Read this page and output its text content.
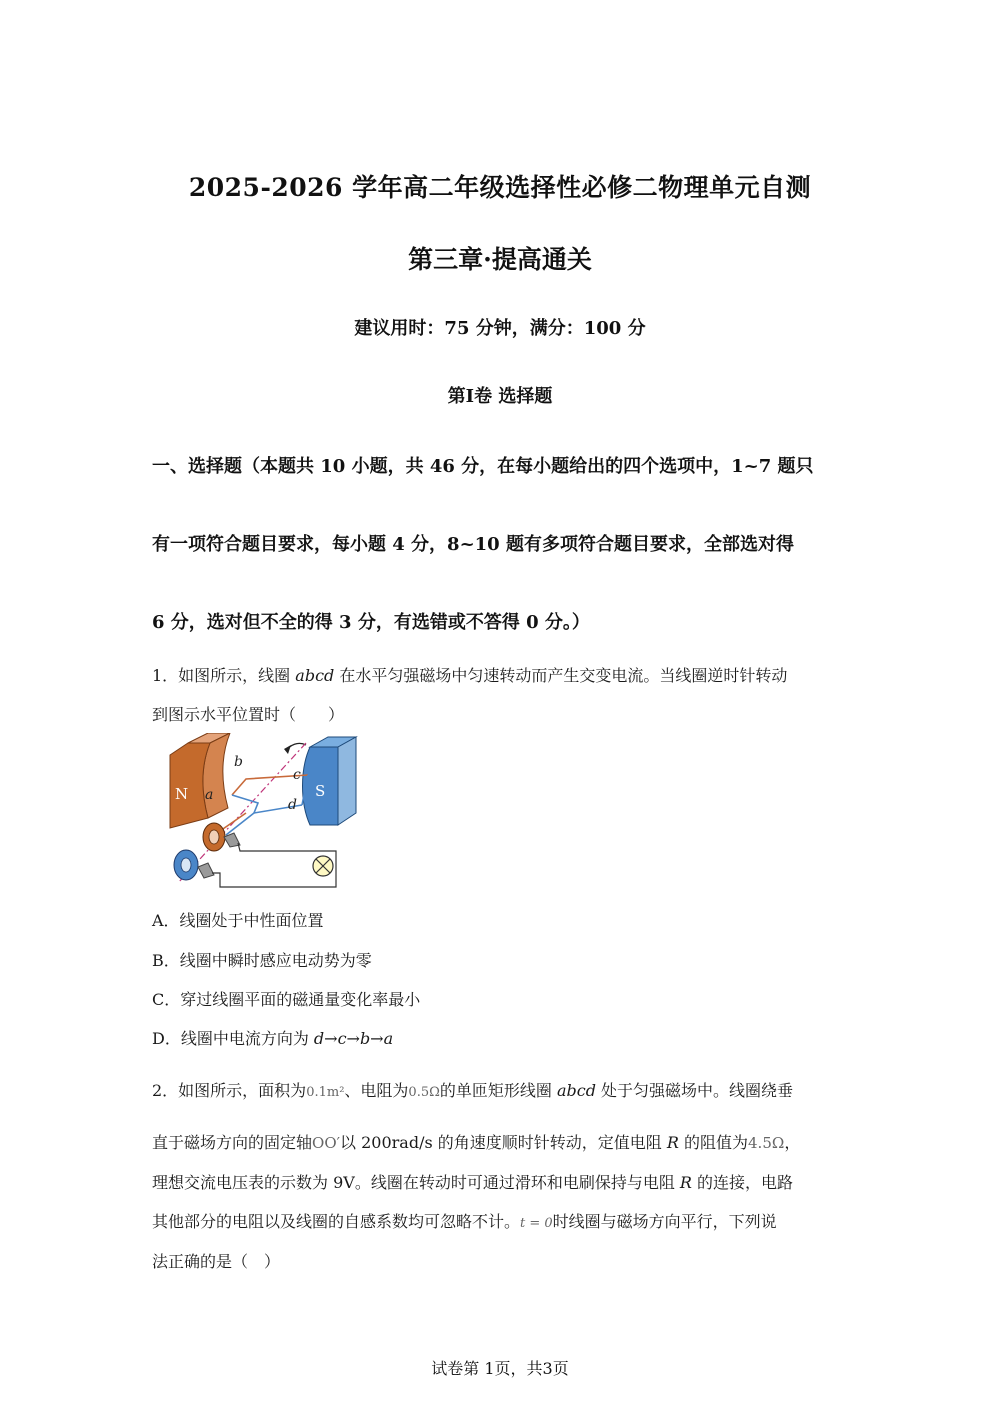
2025-2026 学年高二年级选择性必修二物理单元自测
第三章·提高通关
建议用时：75 分钟，满分：100 分
第Ⅰ卷 选择题
一、选择题（本题共 10 小题，共 46 分，在每小题给出的四个选项中，1~7 题只
有一项符合题目要求，每小题 4 分，8~10 题有多项符合题目要求，全部选对得
6 分，选对但不全的得 3 分，有选错或不答得 0 分。）
1．如图所示，线圈 abcd 在水平匀强磁场中匀速转动而产生交变电流。当线圈逆时针转动
到图示水平位置时（　　）
N	S
b
a
c
d
A．线圈处于中性面位置
B．线圈中瞬时感应电动势为零
C．穿过线圈平面的磁通量变化率最小
D．线圈中电流方向为 d→c→b→a
2．如图所示，面积为0.1m²、电阻为0.5Ω的单匝矩形线圈 abcd 处于匀强磁场中。线圈绕垂
直于磁场方向的固定轴OO′以 200rad/s 的角速度顺时针转动，定值电阻 R 的阻值为4.5Ω，
理想交流电压表的示数为 9V。线圈在转动时可通过滑环和电刷保持与电阻 R 的连接，电路
其他部分的电阻以及线圈的自感系数均可忽略不计。t = 0时线圈与磁场方向平行，下列说
法正确的是（　）
试卷第 1页，共3页
